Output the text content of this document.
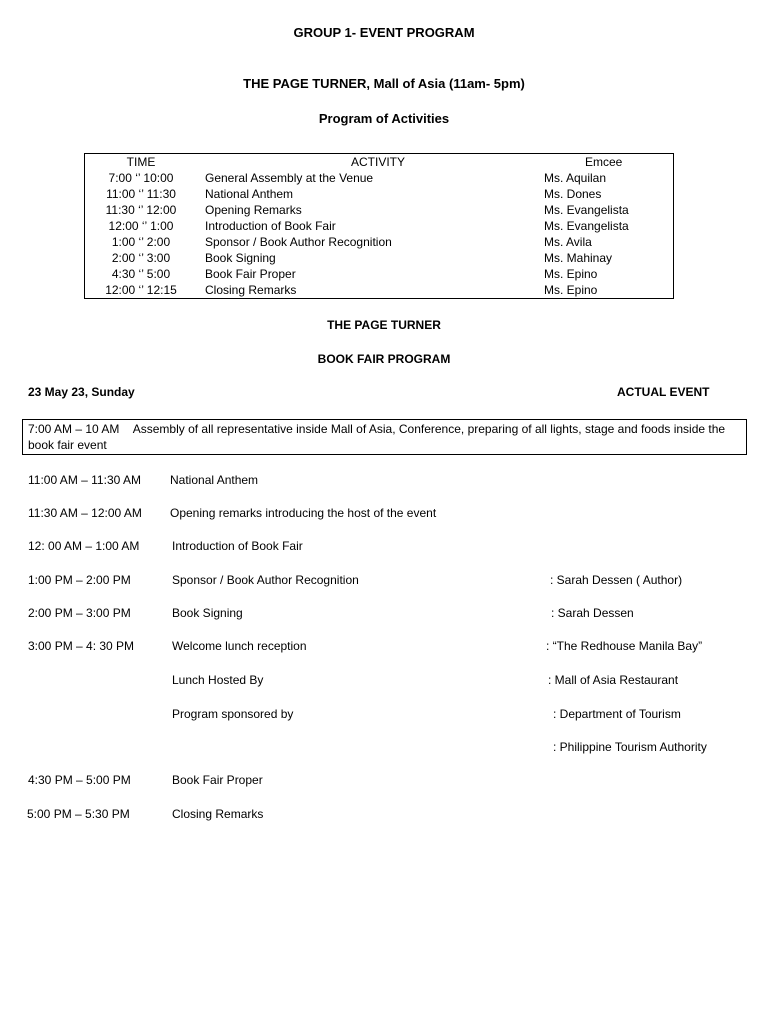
GROUP 1- EVENT PROGRAM
THE PAGE TURNER, Mall of Asia (11am- 5pm)
Program of Activities
TIME	ACTIVITY	Emcee
7:00 ‘’ 10:00	General Assembly at the Venue	Ms. Aquilan
11:00 ‘’ 11:30	National Anthem	Ms. Dones
11:30 ‘’ 12:00	Opening Remarks	Ms. Evangelista
12:00 ‘’ 1:00	Introduction of Book Fair	Ms. Evangelista
1:00 ‘’ 2:00	Sponsor / Book Author Recognition	Ms. Avila
2:00 ‘’ 3:00	Book Signing	Ms. Mahinay
4:30 ‘’ 5:00	Book Fair Proper	Ms. Epino
12:00 ‘’ 12:15	Closing Remarks	Ms. Epino
THE PAGE TURNER
BOOK FAIR PROGRAM
23 May 23, Sunday	ACTUAL EVENT
7:00 AM – 10 AM Assembly of all representative inside Mall of Asia, Conference, preparing of all lights, stage and foods inside the book fair event
11:00 AM – 11:30 AM National Anthem
11:30 AM – 12:00 AM Opening remarks introducing the host of the event
12: 00 AM – 1:00 AM	Introduction of Book Fair
1:00 PM – 2:00 PM	Sponsor / Book Author Recognition	: Sarah Dessen ( Author)
2:00 PM – 3:00 PM	Book Signing	: Sarah Dessen
3:00 PM – 4: 30 PM	Welcome lunch reception	: “The Redhouse Manila Bay”
Lunch Hosted By	: Mall of Asia Restaurant
Program sponsored by	: Department of Tourism
: Philippine Tourism Authority
4:30 PM – 5:00 PM	Book Fair Proper
5:00 PM – 5:30 PM	Closing Remarks
